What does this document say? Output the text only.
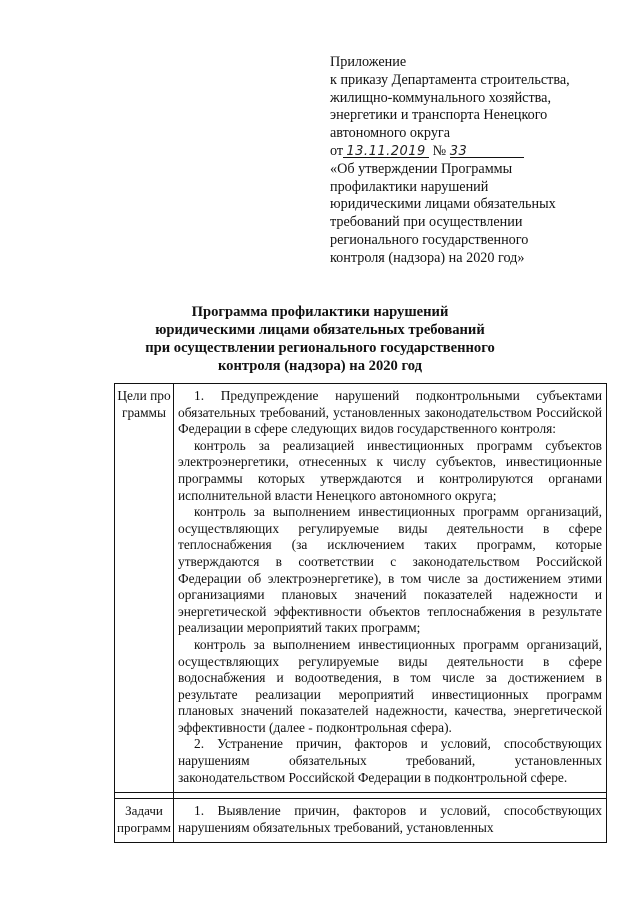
Приложение
к приказу Департамента строительства,
жилищно-коммунального хозяйства,
энергетики и транспорта Ненецкого
автономного округа
от 13.11.2019 № 33
«Об утверждении Программы
профилактики нарушений
юридическими лицами обязательных
требований при осуществлении
регионального государственного
контроля (надзора) на 2020 год»
Программа профилактики нарушений
юридическими лицами обязательных требований
при осуществлении регионального государственного
контроля (надзора) на 2020 год
Цели программы	1. Предупреждение нарушений подконтрольными субъектами обязательных требований, установленных законодательством Российской Федерации в сфере следующих видов государственного контроля:

контроль за реализацией инвестиционных программ субъектов электроэнергетики, отнесенных к числу субъектов, инвестиционные программы которых утверждаются и контролируются органами исполнительной власти Ненецкого автономного округа;

контроль за выполнением инвестиционных программ организаций, осуществляющих регулируемые виды деятельности в сфере теплоснабжения (за исключением таких программ, которые утверждаются в соответствии с законодательством Российской Федерации об электроэнергетике), в том числе за достижением этими организациями плановых значений показателей надежности и энергетической эффективности объектов теплоснабжения в результате реализации мероприятий таких программ;

контроль за выполнением инвестиционных программ организаций, осуществляющих регулируемые виды деятельности в сфере водоснабжения и водоотведения, в том числе за достижением в результате реализации мероприятий инвестиционных программ плановых значений показателей надежности, качества, энергетической эффективности (далее - подконтрольная сфера).

2. Устранение причин, факторов и условий, способствующих нарушениям обязательных требований, установленных законодательством Российской Федерации в подконтрольной сфере.

Задачи программ	1. Выявление причин, факторов и условий, способствующих нарушениям обязательных требований, установленных
